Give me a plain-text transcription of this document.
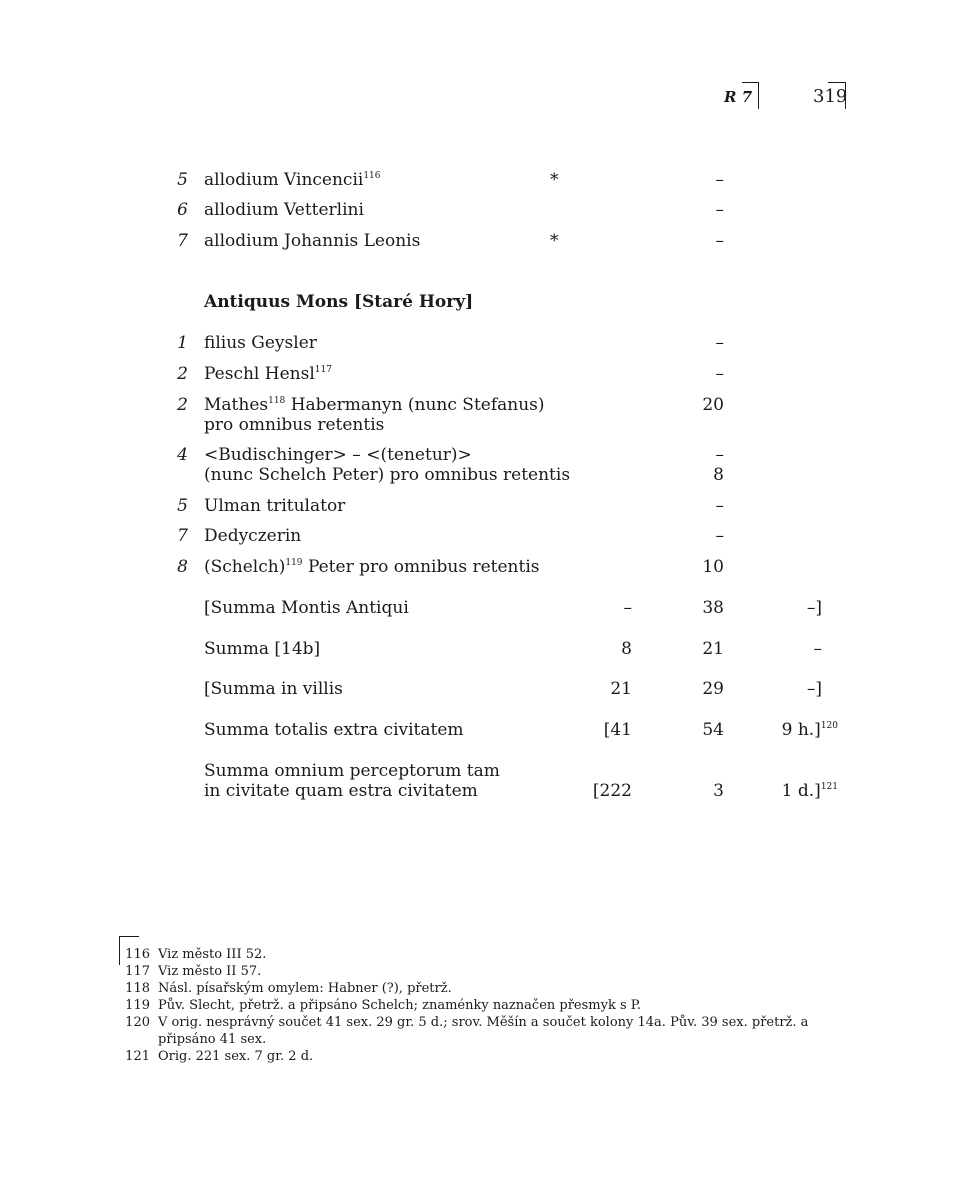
R 7	319
5 allodium Vincencii$^{116}$	*	–
6 allodium Vetterlini	–
7 allodium Johannis Leonis	*	–
Antiquus Mons [Staré Hory]
1 filius Geysler	–
2 Peschl Hensl$^{117}$	–
2 Mathes$^{118}$ Habermanyn (nunc Stefanus)	20
pro omnibus retentis
4 <Budischinger> – <(tenetur)>	–
(nunc Schelch Peter) pro omnibus retentis	8
5 Ulman tritulator	–
7 Dedyczerin	–
8 (Schelch)$^{119}$ Peter pro omnibus retentis	10
[Summa Montis Antiqui	–	38	–]
Summa [14b]	8	21	–
[Summa in villis	21	29	–]
Summa totalis extra civitatem	[41	54	9 h.]$^{120}$
Summa omnium perceptorum tam
in civitate quam estra civitatem	[222	3	1 d.]$^{121}$
116 Viz město III 52.
117 Viz město II 57.
118 Násl. písařským omylem: Habner (?), přetrž.
119 Pův. Slecht, přetrž. a připsáno Schelch; znaménky naznačen přesmyk s P.
120 V orig. nesprávný součet 41 sex. 29 gr. 5 d.; srov. Měšín a součet kolony 14a. Pův. 39 sex. přetrž. a připsáno 41 sex.
121 Orig. 221 sex. 7 gr. 2 d.
